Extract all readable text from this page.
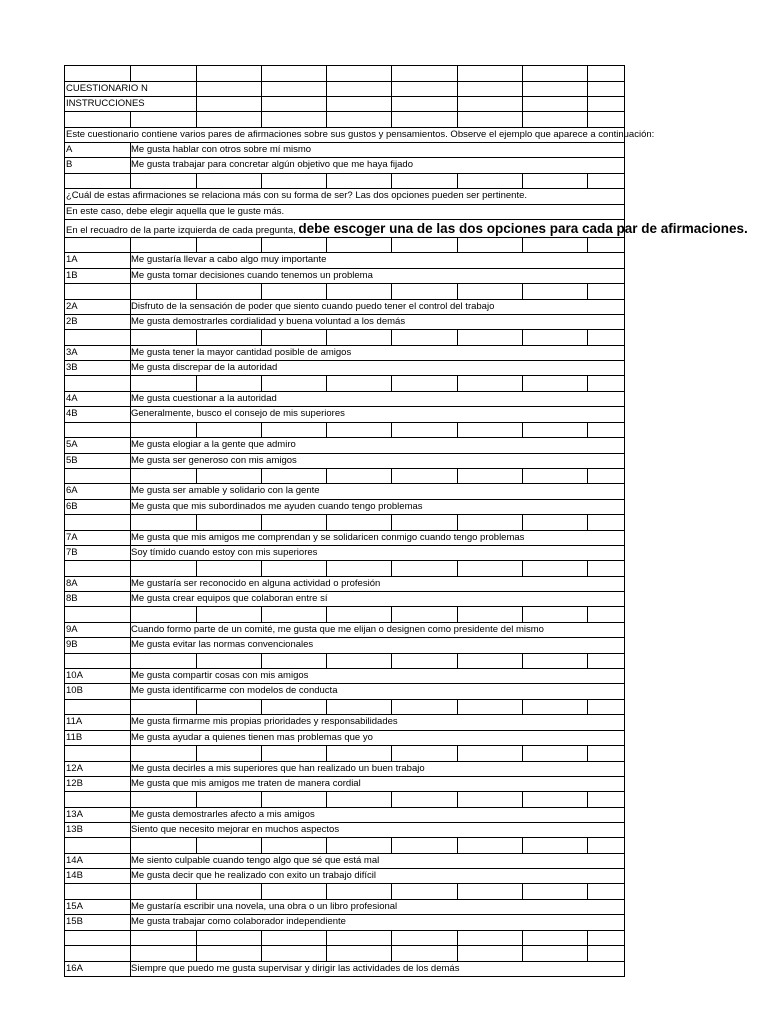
CUESTIONARIO N
INSTRUCCIONES
Este cuestionario contiene varios pares de afirmaciones sobre sus gustos y pensamientos. Observe el ejemplo que aparece a continuación:
A	Me gusta hablar con otros sobre mí mismo
B	Me gusta trabajar para concretar algún objetivo que me haya fijado
¿Cuál de estas afirmaciones se relaciona más con su forma de ser? Las dos opciones pueden ser pertinente.
En este caso, debe elegir aquella que le guste más.
En el recuadro de la parte izquierda de cada pregunta, debe escoger una de las dos opciones para cada par de afirmaciones.
1A	Me gustaría llevar a cabo algo muy importante
1B	Me gusta tomar decisiones cuando tenemos un problema
2A	Disfruto de la sensación de poder que siento cuando puedo tener el control del trabajo
2B	Me gusta demostrarles cordialidad y buena voluntad a los demás
3A	Me gusta tener la mayor cantidad posible de amigos
3B	Me gusta discrepar de la autoridad
4A	Me gusta cuestionar a la autoridad
4B	Generalmente, busco el consejo de mis superiores
5A	Me gusta elogiar a la gente que admiro
5B	Me gusta ser generoso con mis amigos
6A	Me gusta ser amable y solidario con la gente
6B	Me gusta que mis subordinados me ayuden cuando tengo problemas
7A	Me gusta que mis amigos me comprendan y se solidaricen conmigo cuando tengo problemas
7B	Soy tímido cuando estoy con mis superiores
8A	Me gustaría ser reconocido en alguna actividad o profesión
8B	Me gusta crear equipos que colaboran entre sí
9A	Cuando formo parte de un comité, me gusta que me elijan o designen como presidente del mismo
9B	Me gusta evitar las normas convencionales
10A	Me gusta compartir cosas con mis amigos
10B	Me gusta identificarme con modelos de conducta
11A	Me gusta firmarme mis propias prioridades y responsabilidades
11B	Me gusta ayudar a quienes tienen mas problemas que yo
12A	Me gusta decirles a mis superiores que han realizado un buen trabajo
12B	Me gusta que mis amigos me traten de manera cordial
13A	Me gusta demostrarles afecto a mis amigos
13B	Siento que necesito mejorar en muchos aspectos
14A	Me siento culpable cuando tengo algo que sé que está mal
14B	Me gusta decir que he realizado con exito un trabajo difícil
15A	Me gustaría escribir una novela, una obra o un libro profesional
15B	Me gusta trabajar como colaborador independiente
16A	Siempre que puedo me gusta supervisar y dirigir las actividades de los demás
